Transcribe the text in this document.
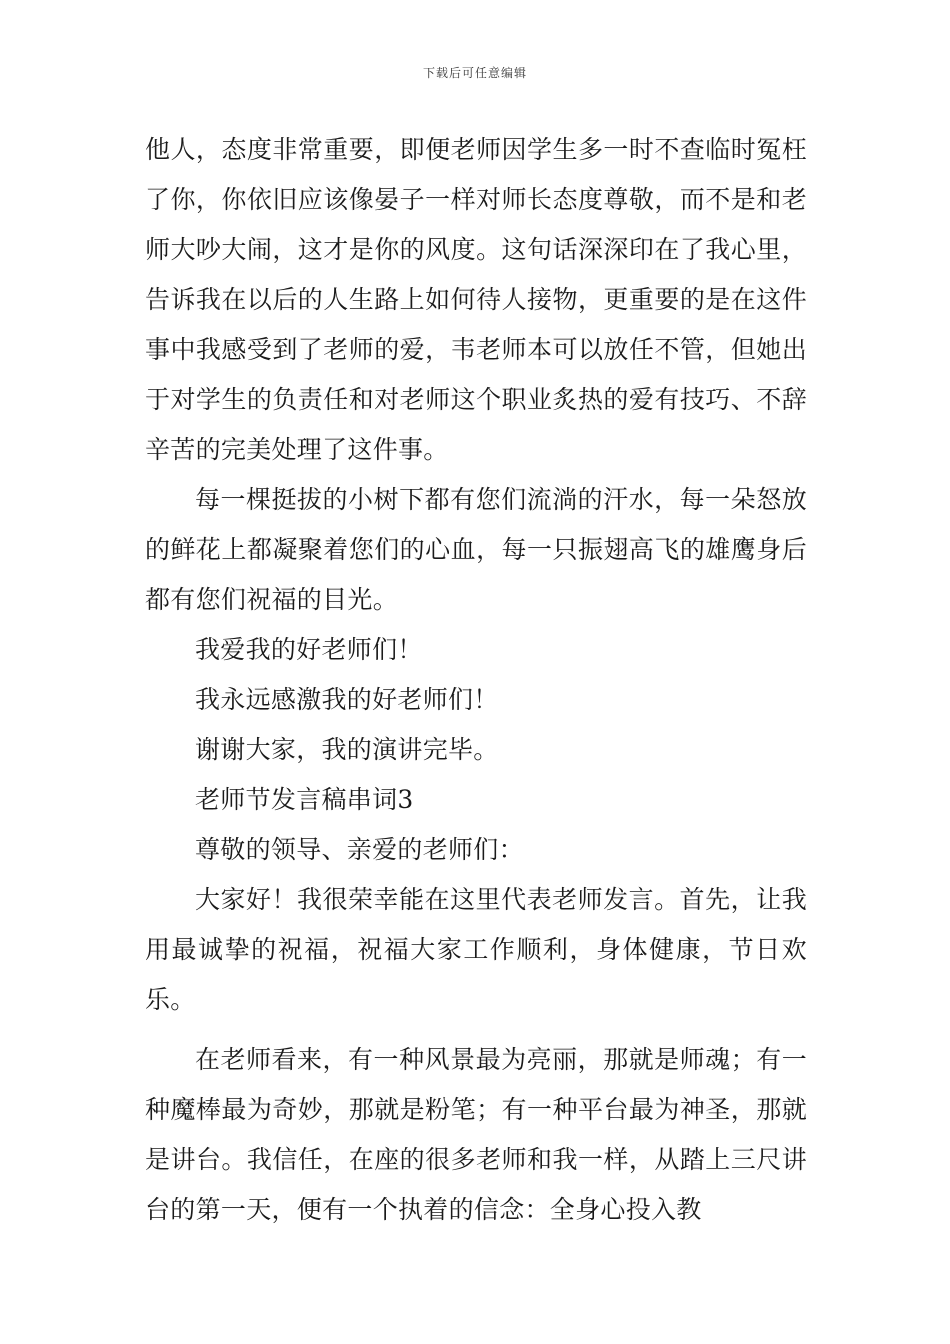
下载后可任意编辑

他人，态度非常重要，即便老师因学生多一时不查临时冤枉了你，你依旧应该像晏子一样对师长态度尊敬，而不是和老师大吵大闹，这才是你的风度。这句话深深印在了我心里，告诉我在以后的人生路上如何待人接物，更重要的是在这件事中我感受到了老师的爱，韦老师本可以放任不管，但她出于对学生的负责任和对老师这个职业炙热的爱有技巧、不辞辛苦的完美处理了这件事。

每一棵挺拔的小树下都有您们流淌的汗水，每一朵怒放的鲜花上都凝聚着您们的心血，每一只振翅高飞的雄鹰身后都有您们祝福的目光。

我爱我的好老师们！

我永远感激我的好老师们！

谢谢大家，我的演讲完毕。

老师节发言稿串词3

尊敬的领导、亲爱的老师们：

大家好！我很荣幸能在这里代表老师发言。首先，让我用最诚挚的祝福，祝福大家工作顺利，身体健康，节日欢乐。

在老师看来，有一种风景最为亮丽，那就是师魂；有一种魔棒最为奇妙，那就是粉笔；有一种平台最为神圣，那就是讲台。我信任，在座的很多老师和我一样，从踏上三尺讲台的第一天，便有一个执着的信念：全身心投入教
